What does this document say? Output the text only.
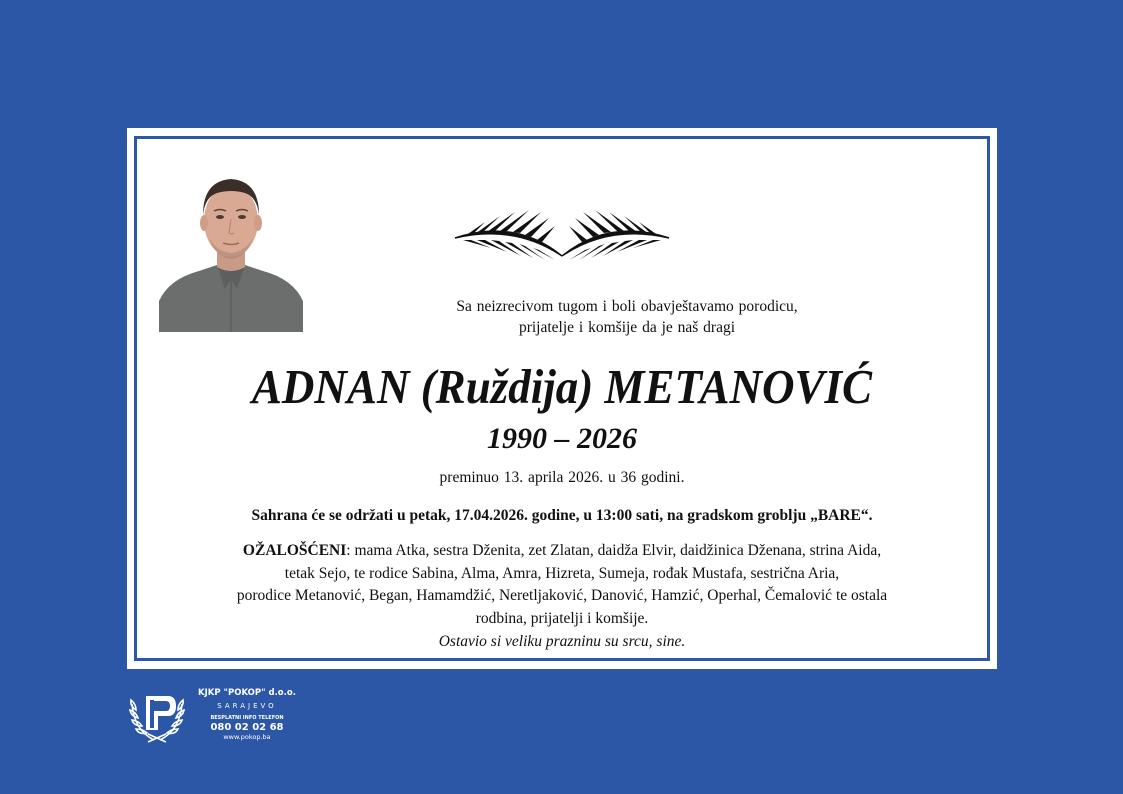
Sa neizrecivom tugom i boli obavještavamo porodicu,
prijatelje i komšije da je naš dragi
ADNAN (Ruždija) METANOVIĆ
1990 – 2026
preminuo 13. aprila 2026. u 36 godini.
Sahrana će se održati u petak, 17.04.2026. godine, u 13:00 sati, na gradskom groblju „BARE“.
OŽALOŠĆENI: mama Atka, sestra Dženita, zet Zlatan, daidža Elvir, daidžinica Dženana, strina Aida,
tetak Sejo, te rodice Sabina, Alma, Amra, Hizreta, Sumeja, rođak Mustafa, sestrična Aria,
porodice Metanović, Began, Hamamdžić, Neretljaković, Danović, Hamzić, Operhal, Čemalović te ostala
rodbina, prijatelji i komšije.
Ostavio si veliku prazninu su srcu, sine.
KJKP "POKOP" d.o.o.
SARAJEVO
BESPLATNI INFO TELEFON
080 02 02 68
www.pokop.ba
